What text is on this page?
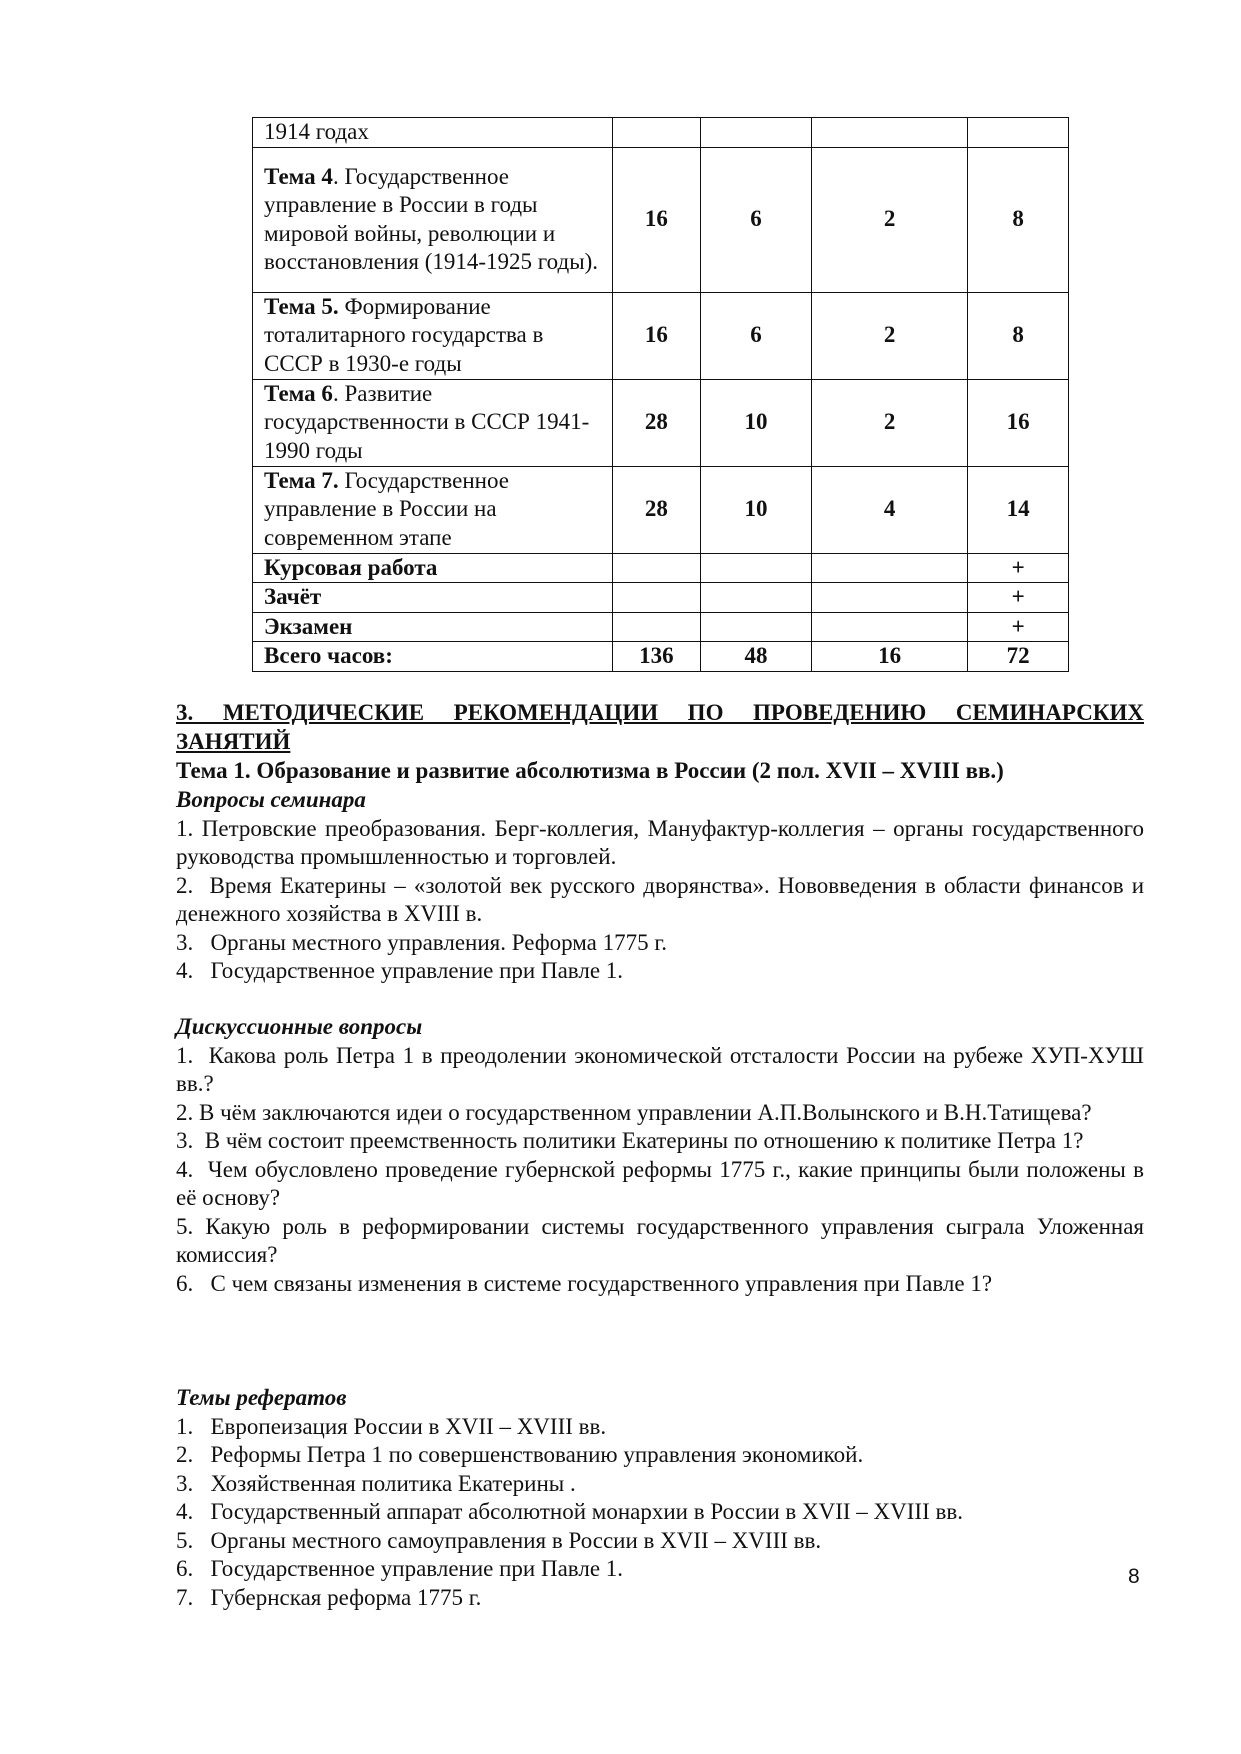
1914 годах				
Тема 4. Государственное управление в России в годы мировой войны, революции и восстановления (1914-1925 годы).	16	6	2	8
Тема 5. Формирование тоталитарного государства в СССР в 1930-е годы	16	6	2	8
Тема 6. Развитие государственности в СССР 1941-1990 годы	28	10	2	16
Тема 7. Государственное управление в России на современном этапе	28	10	4	14
Курсовая работа				+
Зачёт				+
Экзамен				+
Всего часов:	136	48	16	72
3. МЕТОДИЧЕСКИЕ РЕКОМЕНДАЦИИ ПО ПРОВЕДЕНИЮ СЕМИНАРСКИХ
ЗАНЯТИЙ
Тема 1. Образование и развитие абсолютизма в России (2 пол. XVII – XVIII вв.)
Вопросы семинара
1. Петровские преобразования. Берг-коллегия, Мануфактур-коллегия – органы государственного руководства промышленностью и торговлей.
2. Время Екатерины – «золотой век русского дворянства». Нововведения в области финансов и денежного хозяйства в XVIII в.
3. Органы местного управления. Реформа 1775 г.
4. Государственное управление при Павле 1.
Дискуссионные вопросы
1. Какова роль Петра 1 в преодолении экономической отсталости России на рубеже ХУП-ХУШ вв.?
2. В чём заключаются идеи о государственном управлении А.П.Волынского и В.Н.Татищева?
3. В чём состоит преемственность политики Екатерины по отношению к политике Петра 1?
4. Чем обусловлено проведение губернской реформы 1775 г., какие принципы были положены в её основу?
5. Какую роль в реформировании системы государственного управления сыграла Уложенная комиссия?
6. С чем связаны изменения в системе государственного управления при Павле 1?
Темы рефератов
1. Европеизация России в XVII – XVIII вв.
2. Реформы Петра 1 по совершенствованию управления экономикой.
3. Хозяйственная политика Екатерины .
4. Государственный аппарат абсолютной монархии в России в XVII – XVIII вв.
5. Органы местного самоуправления в России в XVII – XVIII вв.
6. Государственное управление при Павле 1.
7. Губернская реформа 1775 г.
8
